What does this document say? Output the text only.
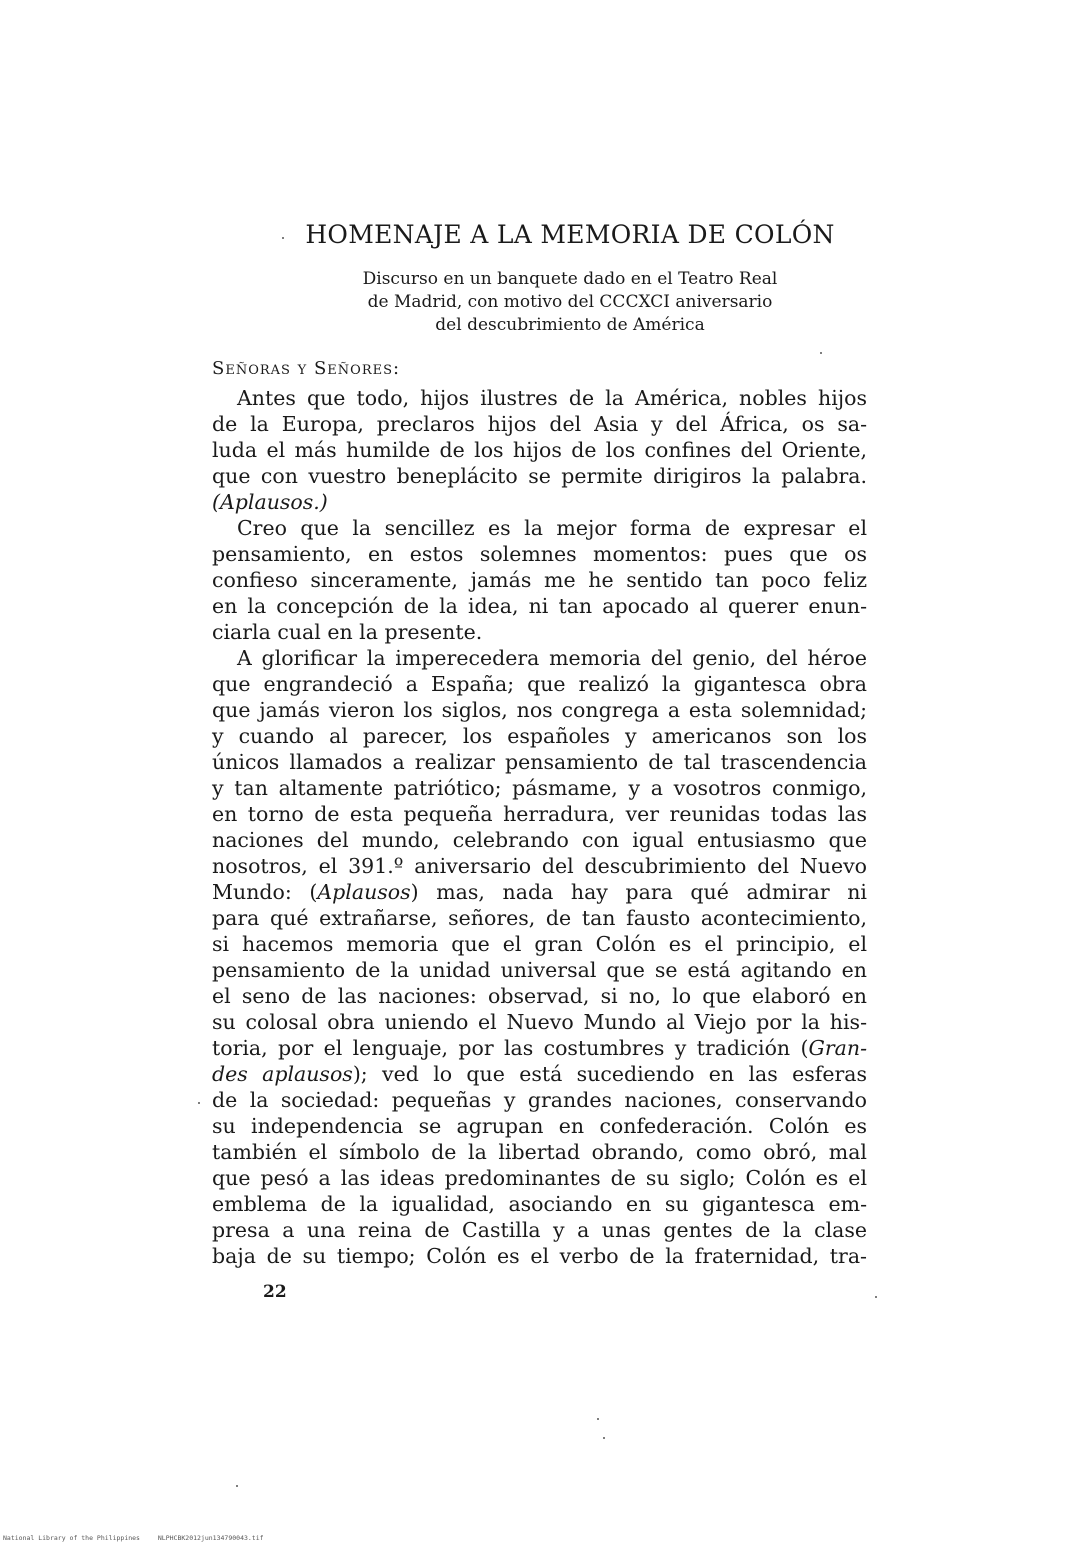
HOMENAJE A LA MEMORIA DE COLÓN
Discurso en un banquete dado en el Teatro Real
de Madrid, con motivo del CCCXCI aniversario
del descubrimiento de América
Señoras y Señores:
Antes que todo, hijos ilustres de la América, nobles hijos
de la Europa, preclaros hijos del Asia y del África, os sa-
luda el más humilde de los hijos de los confines del Oriente,
que con vuestro beneplácito se permite dirigiros la palabra.
(Aplausos.)
Creo que la sencillez es la mejor forma de expresar el
pensamiento, en estos solemnes momentos: pues que os
confieso sinceramente, jamás me he sentido tan poco feliz
en la concepción de la idea, ni tan apocado al querer enun-
ciarla cual en la presente.
A glorificar la imperecedera memoria del genio, del héroe
que engrandeció a España; que realizó la gigantesca obra
que jamás vieron los siglos, nos congrega a esta solemnidad;
y cuando al parecer, los españoles y americanos son los
únicos llamados a realizar pensamiento de tal trascendencia
y tan altamente patriótico; pásmame, y a vosotros conmigo,
en torno de esta pequeña herradura, ver reunidas todas las
naciones del mundo, celebrando con igual entusiasmo que
nosotros, el 391.º aniversario del descubrimiento del Nuevo
Mundo: (Aplausos) mas, nada hay para qué admirar ni
para qué extrañarse, señores, de tan fausto acontecimiento,
si hacemos memoria que el gran Colón es el principio, el
pensamiento de la unidad universal que se está agitando en
el seno de las naciones: observad, si no, lo que elaboró en
su colosal obra uniendo el Nuevo Mundo al Viejo por la his-
toria, por el lenguaje, por las costumbres y tradición (Gran-
des aplausos); ved lo que está sucediendo en las esferas
de la sociedad: pequeñas y grandes naciones, conservando
su independencia se agrupan en confederación. Colón es
también el símbolo de la libertad obrando, como obró, mal
que pesó a las ideas predominantes de su siglo; Colón es el
emblema de la igualidad, asociando en su gigantesca em-
presa a una reina de Castilla y a unas gentes de la clase
baja de su tiempo; Colón es el verbo de la fraternidad, tra-
22
National Library of the Philippines	NLPHCBK2012jun134790043.tif
